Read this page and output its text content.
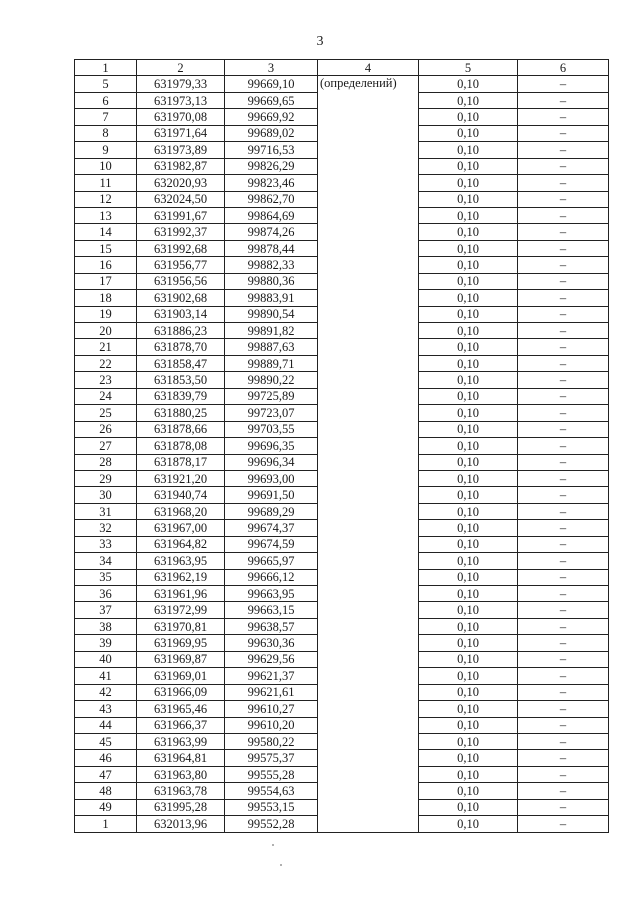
3
1	2	3	4	5	6
5	631979,33	99669,10	(определений)	0,10	–
6	631973,13	99669,65		0,10	–
7	631970,08	99669,92		0,10	–
8	631971,64	99689,02		0,10	–
9	631973,89	99716,53		0,10	–
10	631982,87	99826,29		0,10	–
11	632020,93	99823,46		0,10	–
12	632024,50	99862,70		0,10	–
13	631991,67	99864,69		0,10	–
14	631992,37	99874,26		0,10	–
15	631992,68	99878,44		0,10	–
16	631956,77	99882,33		0,10	–
17	631956,56	99880,36		0,10	–
18	631902,68	99883,91		0,10	–
19	631903,14	99890,54		0,10	–
20	631886,23	99891,82		0,10	–
21	631878,70	99887,63		0,10	–
22	631858,47	99889,71		0,10	–
23	631853,50	99890,22		0,10	–
24	631839,79	99725,89		0,10	–
25	631880,25	99723,07		0,10	–
26	631878,66	99703,55		0,10	–
27	631878,08	99696,35		0,10	–
28	631878,17	99696,34		0,10	–
29	631921,20	99693,00		0,10	–
30	631940,74	99691,50		0,10	–
31	631968,20	99689,29		0,10	–
32	631967,00	99674,37		0,10	–
33	631964,82	99674,59		0,10	–
34	631963,95	99665,97		0,10	–
35	631962,19	99666,12		0,10	–
36	631961,96	99663,95		0,10	–
37	631972,99	99663,15		0,10	–
38	631970,81	99638,57		0,10	–
39	631969,95	99630,36		0,10	–
40	631969,87	99629,56		0,10	–
41	631969,01	99621,37		0,10	–
42	631966,09	99621,61		0,10	–
43	631965,46	99610,27		0,10	–
44	631966,37	99610,20		0,10	–
45	631963,99	99580,22		0,10	–
46	631964,81	99575,37		0,10	–
47	631963,80	99555,28		0,10	–
48	631963,78	99554,63		0,10	–
49	631995,28	99553,15		0,10	–
1	632013,96	99552,28		0,10	–
